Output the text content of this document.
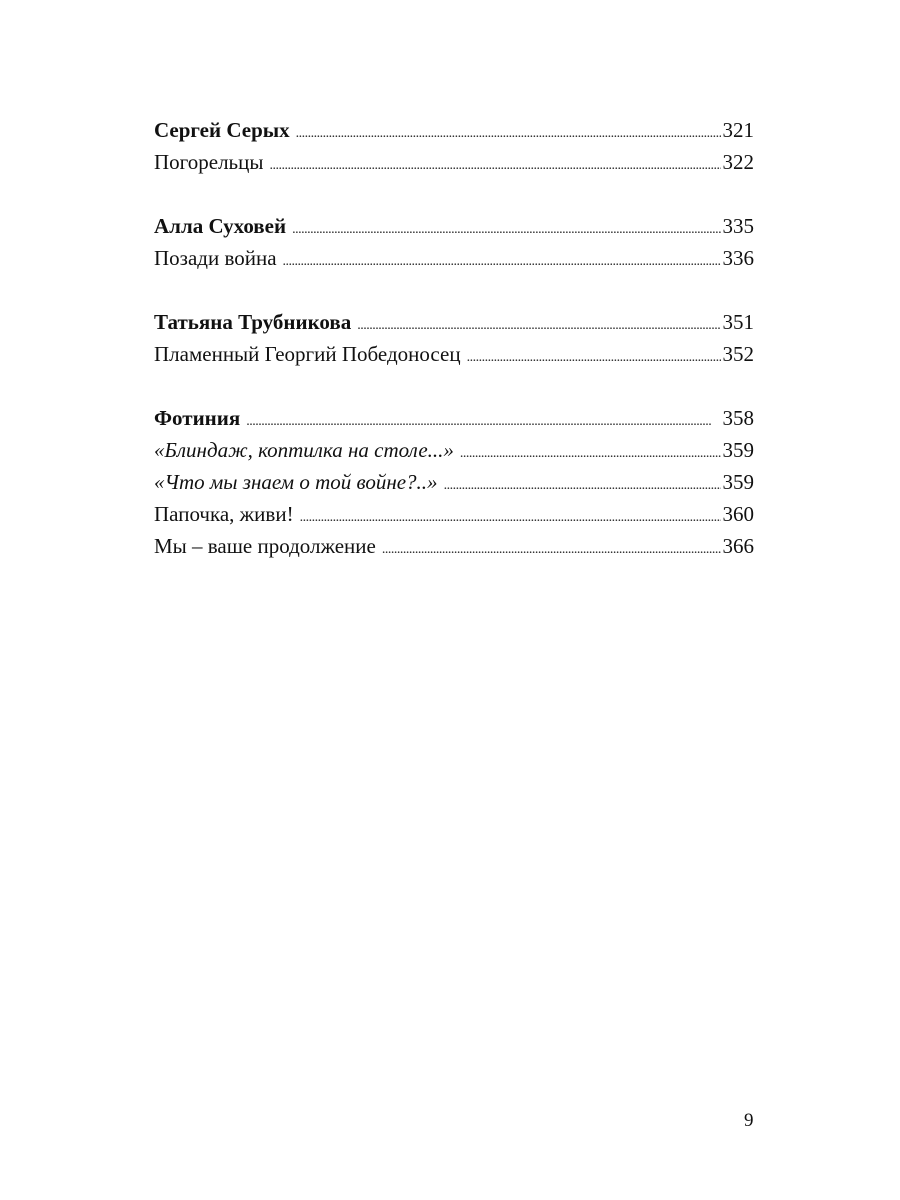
Сергей Серых . . .	321
Погорельцы . . .	322
Алла Суховей . . .	335
Позади война . . .	336
Татьяна Трубникова . . .	351
Пламенный Георгий Победоносец . . .	352
Фотиния . . .	358
«Блиндаж, коптилка на столе...» . . .	359
«Что мы знаем о той войне?..» . . .	359
Папочка, живи! . . .	360
Мы – ваше продолжение . . .	366
9
